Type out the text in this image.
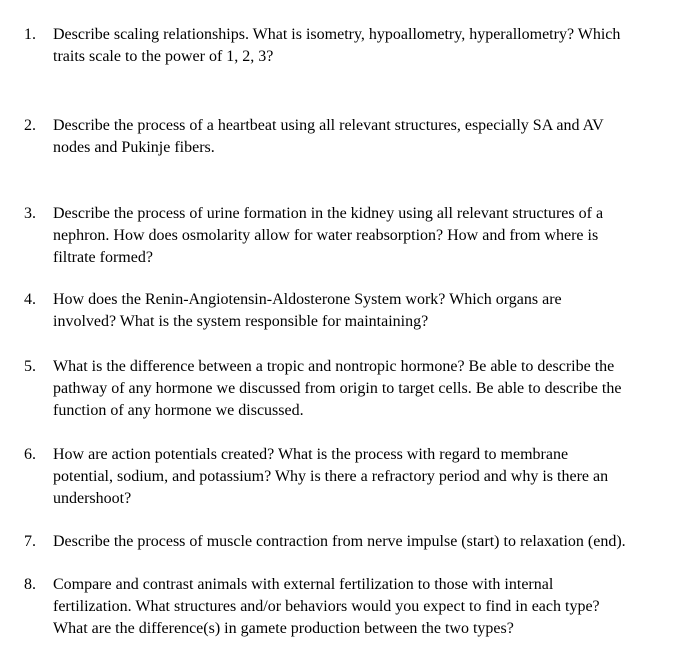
1.	Describe scaling relationships. What is isometry, hypoallometry, hyperallometry? Which
traits scale to the power of 1, 2, 3?
2.	Describe the process of a heartbeat using all relevant structures, especially SA and AV
nodes and Pukinje fibers.
3.	Describe the process of urine formation in the kidney using all relevant structures of a
nephron. How does osmolarity allow for water reabsorption? How and from where is
filtrate formed?
4.	How does the Renin-Angiotensin-Aldosterone System work? Which organs are
involved? What is the system responsible for maintaining?
5.	What is the difference between a tropic and nontropic hormone? Be able to describe the
pathway of any hormone we discussed from origin to target cells. Be able to describe the
function of any hormone we discussed.
6.	How are action potentials created? What is the process with regard to membrane
potential, sodium, and potassium? Why is there a refractory period and why is there an
undershoot?
7.	Describe the process of muscle contraction from nerve impulse (start) to relaxation (end).
8.	Compare and contrast animals with external fertilization to those with internal
fertilization. What structures and/or behaviors would you expect to find in each type?
What are the difference(s) in gamete production between the two types?
